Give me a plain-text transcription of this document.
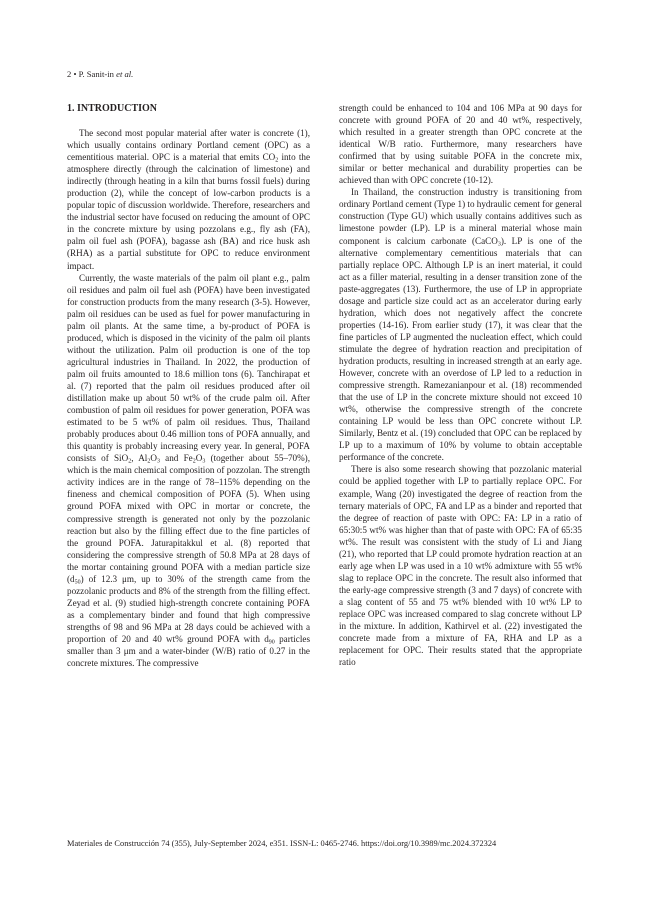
2 • P. Sanit-in et al.
1. INTRODUCTION

The second most popular material after water is concrete (1), which usually contains ordinary Portland cement (OPC) as a cementitious material. OPC is a material that emits $CO_2$ into the atmosphere directly (through the calcination of limestone) and indirectly (through heating in a kiln that burns fossil fuels) during production (2), while the concept of low-carbon products is a popular topic of discussion worldwide. Therefore, researchers and the industrial sector have focused on reducing the amount of OPC in the concrete mixture by using pozzolans e.g., fly ash (FA), palm oil fuel ash (POFA), bagasse ash (BA) and rice husk ash (RHA) as a partial substitute for OPC to reduce environment impact.

Currently, the waste materials of the palm oil plant e.g., palm oil residues and palm oil fuel ash (POFA) have been investigated for construction products from the many research (3-5). However, palm oil residues can be used as fuel for power manufacturing in palm oil plants. At the same time, a by-product of POFA is produced, which is disposed in the vicinity of the palm oil plants without the utilization. Palm oil production is one of the top agricultural industries in Thailand. In 2022, the production of palm oil fruits amounted to 18.6 million tons (6). Tanchirapat et al. (7) reported that the palm oil residues produced after oil distillation make up about 50 wt% of the crude palm oil. After combustion of palm oil residues for power generation, POFA was estimated to be 5 wt% of palm oil residues. Thus, Thailand probably produces about 0.46 million tons of POFA annually, and this quantity is probably increasing every year. In general, POFA consists of SiO$_2$, $Al_2O_3$ and $Fe_2O_3$ (together about 55–70%), which is the main chemical composition of pozzolan. The strength activity indices are in the range of 78–115% depending on the fineness and chemical composition of POFA (5). When using ground POFA mixed with OPC in mortar or concrete, the compressive strength is generated not only by the pozzolanic reaction but also by the filling effect due to the fine particles of the ground POFA. Jaturapitakkul et al. (8) reported that considering the compressive strength of 50.8 MPa at 28 days of the mortar containing ground POFA with a median particle size $(d_{50})$ of 12.3 μm, up to 30% of the strength came from the pozzolanic products and 8% of the strength from the filling effect. Zeyad et al. (9) studied high-strength concrete containing POFA as a complementary binder and found that high compressive strengths of 98 and 96 MPa at 28 days could be achieved with a proportion of 20 and 40 wt% ground POFA with $d_{90}$ particles smaller than 3 μm and a water-binder (W/B) ratio of 0.27 in the concrete mixtures. The compressive

strength could be enhanced to 104 and 106 MPa at 90 days for concrete with ground POFA of 20 and 40 wt%, respectively, which resulted in a greater strength than OPC concrete at the identical W/B ratio. Furthermore, many researchers have confirmed that by using suitable POFA in the concrete mix, similar or better mechanical and durability properties can be achieved than with OPC concrete (10-12).

In Thailand, the construction industry is transitioning from ordinary Portland cement (Type 1) to hydraulic cement for general construction (Type GU) which usually contains additives such as limestone powder (LP). LP is a mineral material whose main component is calcium carbonate (CaCO$_3$). LP is one of the alternative complementary cementitious materials that can partially replace OPC. Although LP is an inert material, it could act as a filler material, resulting in a denser transition zone of the paste-aggregates (13). Furthermore, the use of LP in appropriate dosage and particle size could act as an accelerator during early hydration, which does not negatively affect the concrete properties (14-16). From earlier study (17), it was clear that the fine particles of LP augmented the nucleation effect, which could stimulate the degree of hydration reaction and precipitation of hydration products, resulting in increased strength at an early age. However, concrete with an overdose of LP led to a reduction in compressive strength. Ramezanianpour et al. (18) recommended that the use of LP in the concrete mixture should not exceed 10 wt%, otherwise the compressive strength of the concrete containing LP would be less than OPC concrete without LP. Similarly, Bentz et al. (19) concluded that OPC can be replaced by LP up to a maximum of 10% by volume to obtain acceptable performance of the concrete.

There is also some research showing that pozzolanic material could be applied together with LP to partially replace OPC. For example, Wang (20) investigated the degree of reaction from the ternary materials of OPC, FA and LP as a binder and reported that the degree of reaction of paste with OPC: FA: LP in a ratio of 65:30:5 wt% was higher than that of paste with OPC: FA of 65:35 wt%. The result was consistent with the study of Li and Jiang (21), who reported that LP could promote hydration reaction at an early age when LP was used in a 10 wt% admixture with 55 wt% slag to replace OPC in the concrete. The result also informed that the early-age compressive strength (3 and 7 days) of concrete with a slag content of 55 and 75 wt% blended with 10 wt% LP to replace OPC was increased compared to slag concrete without LP in the mixture. In addition, Kathirvel et al. (22) investigated the concrete made from a mixture of FA, RHA and LP as a replacement for OPC. Their results stated that the appropriate ratio

Materiales de Construcción 74 (355), July-September 2024, e351. ISSN-L: 0465-2746. https://doi.org/10.3989/mc.2024.372324
